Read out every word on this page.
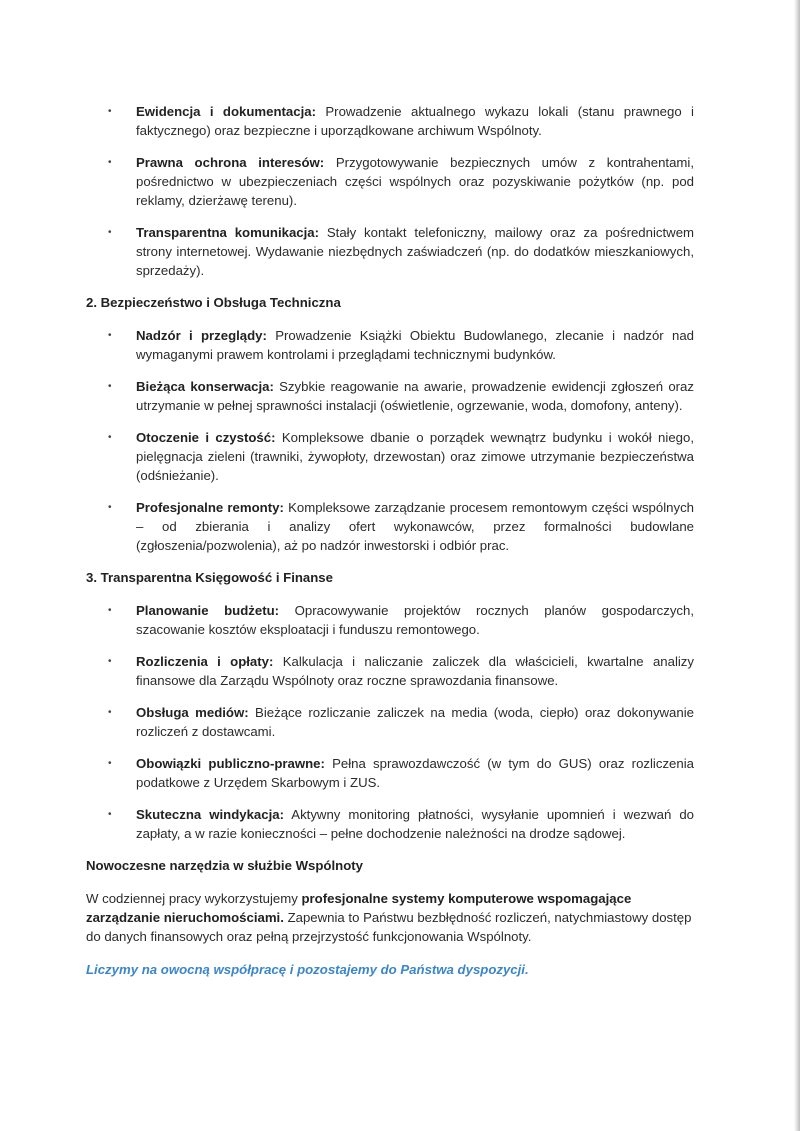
•	Ewidencja i dokumentacja: Prowadzenie aktualnego wykazu lokali (stanu prawnego i faktycznego) oraz bezpieczne i uporządkowane archiwum Wspólnoty.
•	Prawna ochrona interesów: Przygotowywanie bezpiecznych umów z kontrahentami, pośrednictwo w ubezpieczeniach części wspólnych oraz pozyskiwanie pożytków (np. pod reklamy, dzierżawę terenu).
•	Transparentna komunikacja: Stały kontakt telefoniczny, mailowy oraz za pośrednictwem strony internetowej. Wydawanie niezbędnych zaświadczeń (np. do dodatków mieszkaniowych, sprzedaży).
2. Bezpieczeństwo i Obsługa Techniczna
•	Nadzór i przeglądy: Prowadzenie Książki Obiektu Budowlanego, zlecanie i nadzór nad wymaganymi prawem kontrolami i przeglądami technicznymi budynków.
•	Bieżąca konserwacja: Szybkie reagowanie na awarie, prowadzenie ewidencji zgłoszeń oraz utrzymanie w pełnej sprawności instalacji (oświetlenie, ogrzewanie, woda, domofony, anteny).
•	Otoczenie i czystość: Kompleksowe dbanie o porządek wewnątrz budynku i wokół niego, pielęgnacja zieleni (trawniki, żywopłoty, drzewostan) oraz zimowe utrzymanie bezpieczeństwa (odśnieżanie).
•	Profesjonalne remonty: Kompleksowe zarządzanie procesem remontowym części wspólnych – od zbierania i analizy ofert wykonawców, przez formalności budowlane (zgłoszenia/pozwolenia), aż po nadzór inwestorski i odbiór prac.
3. Transparentna Księgowość i Finanse
•	Planowanie budżetu: Opracowywanie projektów rocznych planów gospodarczych, szacowanie kosztów eksploatacji i funduszu remontowego.
•	Rozliczenia i opłaty: Kalkulacja i naliczanie zaliczek dla właścicieli, kwartalne analizy finansowe dla Zarządu Wspólnoty oraz roczne sprawozdania finansowe.
•	Obsługa mediów: Bieżące rozliczanie zaliczek na media (woda, ciepło) oraz dokonywanie rozliczeń z dostawcami.
•	Obowiązki publiczno-prawne: Pełna sprawozdawczość (w tym do GUS) oraz rozliczenia podatkowe z Urzędem Skarbowym i ZUS.
•	Skuteczna windykacja: Aktywny monitoring płatności, wysyłanie upomnień i wezwań do zapłaty, a w razie konieczności – pełne dochodzenie należności na drodze sądowej.
Nowoczesne narzędzia w służbie Wspólnoty
W codziennej pracy wykorzystujemy profesjonalne systemy komputerowe wspomagające zarządzanie nieruchomościami. Zapewnia to Państwu bezbłędność rozliczeń, natychmiastowy dostęp do danych finansowych oraz pełną przejrzystość funkcjonowania Wspólnoty.
Liczymy na owocną współpracę i pozostajemy do Państwa dyspozycji.
